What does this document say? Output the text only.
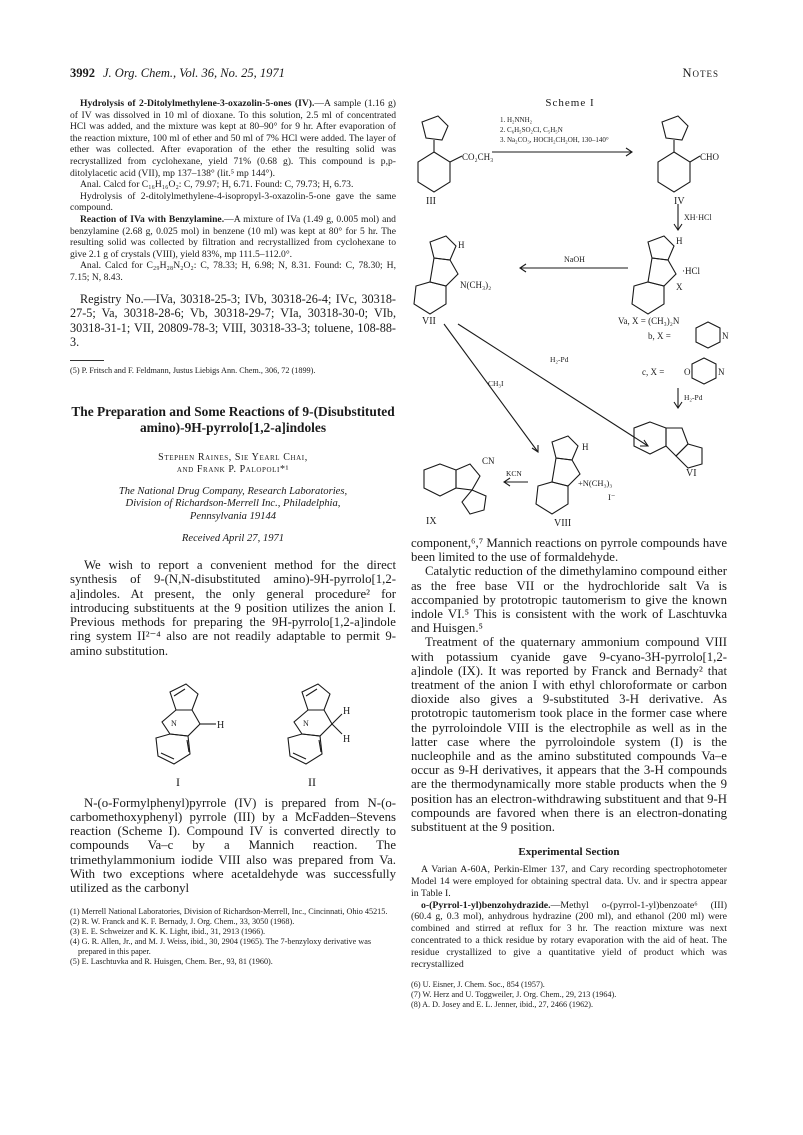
3992 J. Org. Chem., Vol. 36, No. 25, 1971	Notes

Hydrolysis of 2-Ditolylmethylene-3-oxazolin-5-ones (IV).—A sample (1.16 g) of IV was dissolved in 10 ml of dioxane. To this solution, 2.5 ml of concentrated HCl was added, and the mixture was kept at 80–90° for 9 hr. After evaporation of the reaction mixture, 100 ml of ether and 50 ml of 7% HCl were added. The layer of ether was collected. After evaporation of the ether the resulting solid was recrystallized from cyclohexane, yield 71% (0.68 g). This compound is p,p-ditolylacetic acid (VII), mp 137–138° (lit.⁵ mp 144°).

Anal. Calcd for C₁₆H₁₆O₂: C, 79.97; H, 6.71. Found: C, 79.73; H, 6.73.

Hydrolysis of 2-ditolylmethylene-4-isopropyl-3-oxazolin-5-one gave the same compound.

Reaction of IVa with Benzylamine.—A mixture of IVa (1.49 g, 0.005 mol) and benzylamine (2.68 g, 0.025 mol) in benzene (10 ml) was kept at 80° for 5 hr. The resulting solid was collected by filtration and recrystallized from cyclohexane to give 2.1 g of crystals (VIII), yield 83%, mp 111.5–112.0°.

Anal. Calcd for C₂₉H₂₈N₂O₂: C, 78.33; H, 6.98; N, 8.31. Found: C, 78.30; H, 7.15; N, 8.43.

Registry No.—IVa, 30318-25-3; IVb, 30318-26-4; IVc, 30318-27-5; Va, 30318-28-6; Vb, 30318-29-7; VIa, 30318-30-0; VIb, 30318-31-1; VII, 20809-78-3; VIII, 30318-33-3; toluene, 108-88-3.

(5) P. Fritsch and F. Feldmann, Justus Liebigs Ann. Chem., 306, 72 (1899).

The Preparation and Some Reactions of 9-(Disubstituted amino)-9H-pyrrolo[1,2-a]indoles

Stephen Raines, Sie Yearl Chai,

and Frank P. Palopoli*¹

The National Drug Company, Research Laboratories,

Division of Richardson-Merrell Inc., Philadelphia,

Pennsylvania 19144

Received April 27, 1971

We wish to report a convenient method for the direct synthesis of 9-(N,N-disubstituted amino)-9H-pyrrolo[1,2-a]indoles. At present, the only general procedure² for introducing substituents at the 9 position utilizes the anion I. Previous methods for preparing the 9H-pyrrolo[1,2-a]indole ring system II²⁻⁴ also are not readily adaptable to permit 9-amino substitution.

H
N	N
H
H
I	II

N-(o-Formylphenyl)pyrrole (IV) is prepared from N-(o-carbomethoxyphenyl) pyrrole (III) by a McFadden–Stevens reaction (Scheme I). Compound IV is converted directly to compounds Va–c by a Mannich reaction. The trimethylammonium iodide VIII also was prepared from Va. With two exceptions where acetaldehyde was successfully utilized as the carbonyl

(1) Merrell National Laboratories, Division of Richardson-Merrell, Inc., Cincinnati, Ohio 45215.

(2) R. W. Franck and K. F. Bernady, J. Org. Chem., 33, 3050 (1968).

(3) E. E. Schweizer and K. K. Light, ibid., 31, 2913 (1966).

(4) G. R. Allen, Jr., and M. J. Weiss, ibid., 30, 2904 (1965). The 7-benzyloxy derivative was prepared in this paper.

(5) E. Laschtuvka and R. Huisgen, Chem. Ber., 93, 81 (1960).

Scheme I
CO₂CH₃
III
1. H₂NNH₂
2. C₆H₅SO₂Cl, C₅H₅N
3. Na₂CO₃, HOCH₂CH₂OH, 130–140°
CHO
IV
XH·HCl
H
·HCl
X
NaOH
H
N(CH₃)₂
VII	Va, X = (CH₃)₂N
b, X =	N
c, X = O	N
H₂-Pd
H₂-Pd
CH₃I
VI
H
+N(CH₃)₃
I⁻
VIII
KCN
CN
IX

component,⁶,⁷ Mannich reactions on pyrrole compounds have been limited to the use of formaldehyde.

Catalytic reduction of the dimethylamino compound either as the free base VII or the hydrochloride salt Va is accompanied by prototropic tautomerism to give the known indole VI.⁵ This is consistent with the work of Laschtuvka and Huisgen.⁵

Treatment of the quaternary ammonium compound VIII with potassium cyanide gave 9-cyano-3H-pyrrolo[1,2-a]indole (IX). It was reported by Franck and Bernady² that treatment of the anion I with ethyl chloroformate or carbon dioxide also gives a 9-substituted 3-H derivative. As prototropic tautomerism took place in the former case where the pyrroloindole VIII is the electrophile as well as in the latter case where the pyrroloindole system (I) is the nucleophile and as the amino substituted compounds Va–e occur as 9-H derivatives, it appears that the 3-H compounds are the thermodynamically more stable products when the 9 position has an electron-withdrawing substituent and that 9-H compounds are favored when there is an electron-donating substituent at the 9 position.

Experimental Section

A Varian A-60A, Perkin-Elmer 137, and Cary recording spectrophotometer Model 14 were employed for obtaining spectral data. Uv. and ir spectra appear in Table I.

o-(Pyrrol-1-yl)benzohydrazide.—Methyl o-(pyrrol-1-yl)benzoate⁶ (III) (60.4 g, 0.3 mol), anhydrous hydrazine (200 ml), and ethanol (200 ml) were combined and stirred at reflux for 3 hr. The reaction mixture was next concentrated to a thick residue by rotary evaporation with the aid of heat. The residue crystallized to give a quantitative yield of product which was recrystallized

(6) U. Eisner, J. Chem. Soc., 854 (1957).

(7) W. Herz and U. Toggweiler, J. Org. Chem., 29, 213 (1964).

(8) A. D. Josey and E. L. Jenner, ibid., 27, 2466 (1962).
